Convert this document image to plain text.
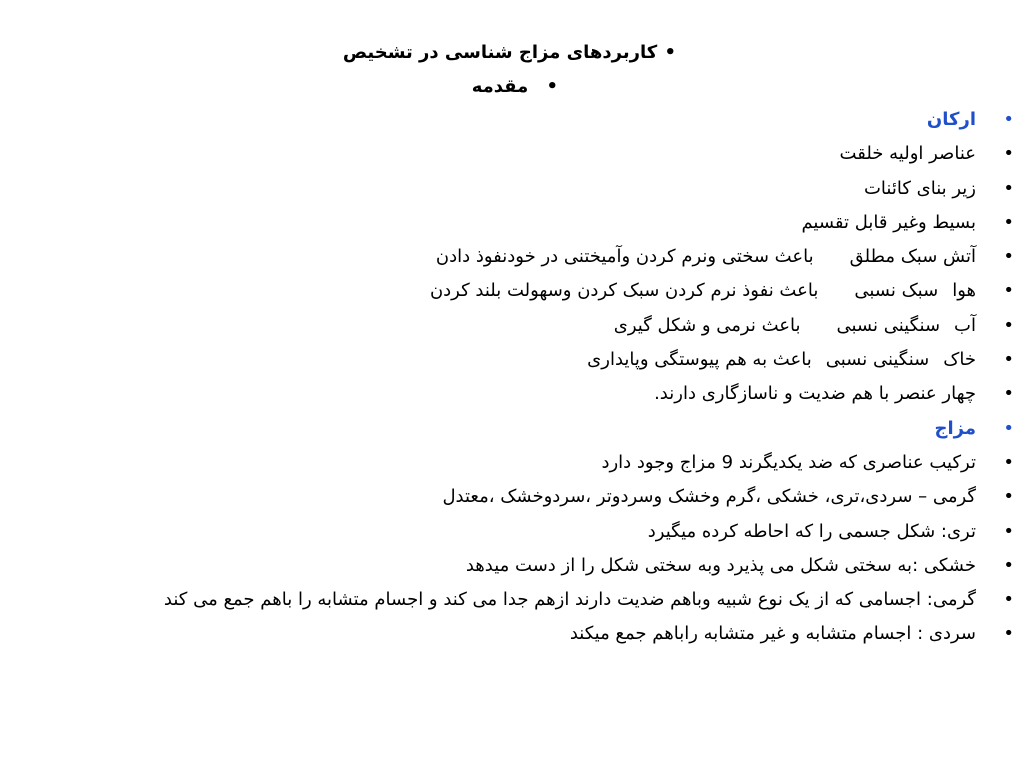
•
کاربردهای مزاج شناسی در تشخیص
•
مقدمه
•
ارکان
•
عناصر اولیه خلقت
•
زیر بنای کائنات
•
بسیط وغیر قابل تقسیم
•
آتش سبک مطلقباعث سختی ونرم کردن وآمیختنی در خودنفوذ دادن
•
هواسبک نسبیباعث نفوذ نرم کردن سبک کردن وسهولت بلند کردن
•
آبسنگینی نسبیباعث نرمی و شکل گیری
•
خاکسنگینی نسبیباعث به هم پیوستگی وپایداری
•
چهار عنصر با هم ضدیت و ناسازگاری دارند.
•
مزاج
•
ترکیب عناصری که ضد یکدیگرند 9 مزاج وجود دارد
•
گرمی – سردی،تری، خشکی ،گرم وخشک وسردوتر ،سردوخشک ،معتدل
•
تری: شکل جسمی را که احاطه کرده میگیرد
•
خشکی :به سختی شکل می پذیرد وبه سختی شکل را از دست میدهد
•
گرمی: اجسامی که از یک نوع شبیه وباهم ضدیت دارند ازهم جدا می کند و اجسام متشابه را باهم جمع می کند
•
سردی : اجسام متشابه و غیر متشابه راباهم جمع میکند
